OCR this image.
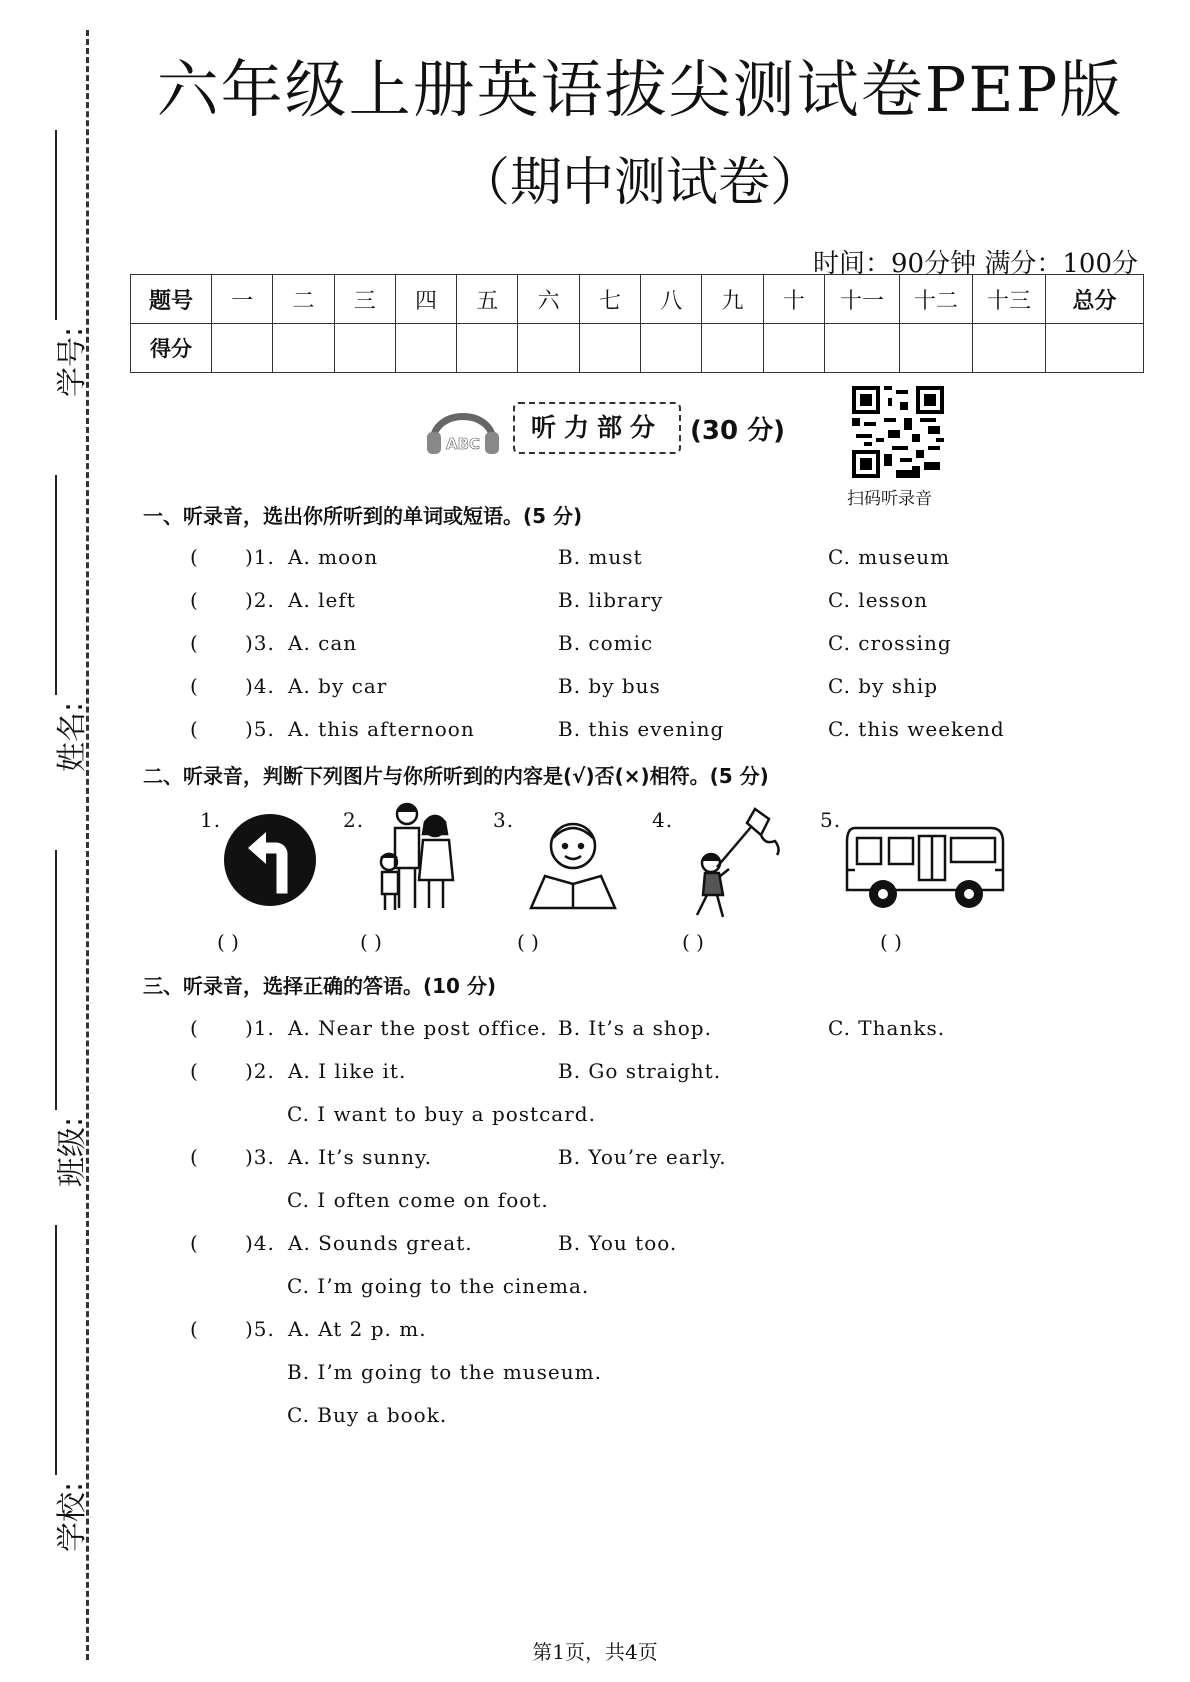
学号:
姓名:
班级:
学校:
六年级上册英语拔尖测试卷PEP版
（期中测试卷）
时间：90分钟 满分：100分
题号	一	二	三	四	五	六	七	八	九	十	十一	十二	十三	总分
得分														
ABC
听力部分	(30 分)
扫码听录音
一、听录音，选出你所听到的单词或短语。(5 分)
( )1. A. moon	B. must	C. museum
( )2. A. left	B. library	C. lesson
( )3. A. can	B. comic	C. crossing
( )4. A. by car	B. by bus	C. by ship
( )5. A. this afternoon	B. this evening	C. this weekend
二、听录音，判断下列图片与你所听到的内容是(√)否(×)相符。(5 分)
1.
( )
2.
( )
3.
( )
4.
( )
5.
( )
三、听录音，选择正确的答语。(10 分)
( )1. A. Near the post office. B. It’s a shop.	C. Thanks.
( )2. A. I like it.	B. Go straight.
C. I want to buy a postcard.
( )3. A. It’s sunny.	B. You’re early.
C. I often come on foot.
( )4. A. Sounds great.	B. You too.
C. I’m going to the cinema.
( )5. A. At 2 p. m.
B. I’m going to the museum.
C. Buy a book.
第1页，共4页
